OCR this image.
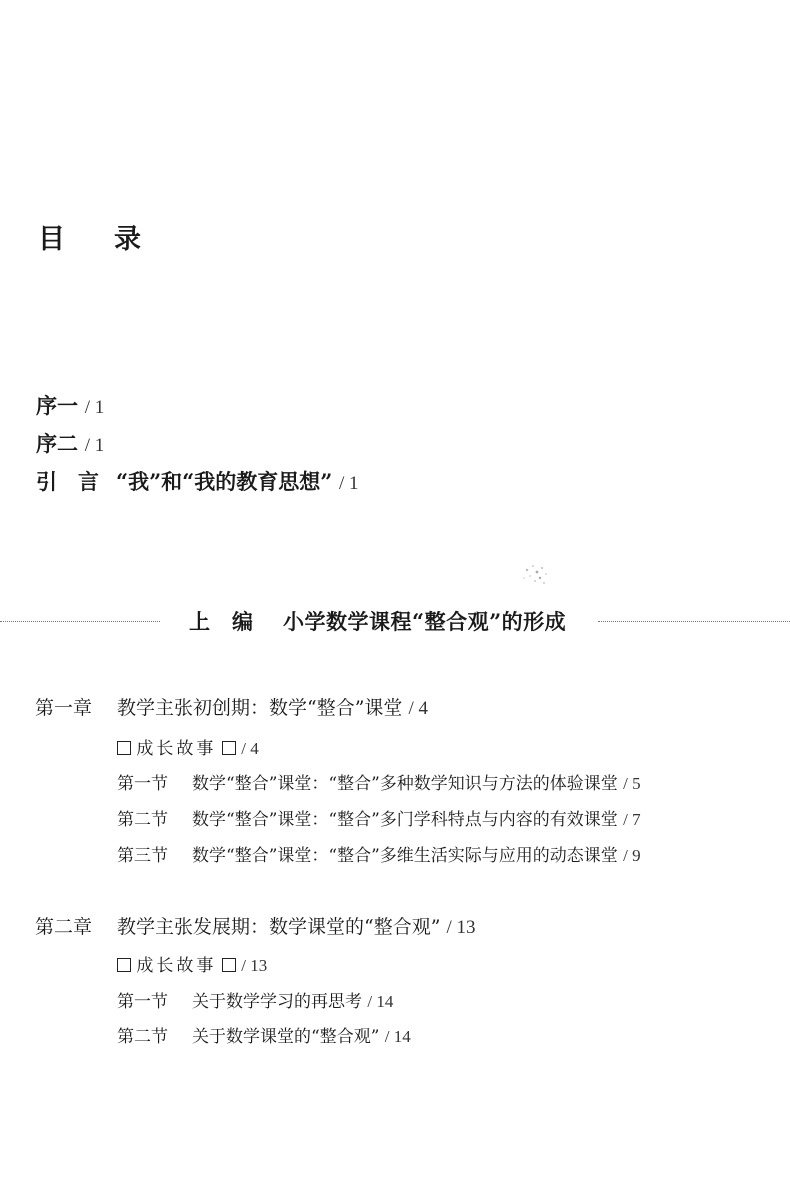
目 录
序一 / 1
序二 / 1
引　言 “我”和“我的教育思想” / 1
上　编 小学数学课程“整合观”的形成
第一章 教学主张初创期：数学“整合”课堂 / 4
成长故事 / 4
第一节 数学“整合”课堂：“整合”多种数学知识与方法的体验课堂 / 5
第二节 数学“整合”课堂：“整合”多门学科特点与内容的有效课堂 / 7
第三节 数学“整合”课堂：“整合”多维生活实际与应用的动态课堂 / 9
第二章 教学主张发展期：数学课堂的“整合观” / 13
成长故事 / 13
第一节 关于数学学习的再思考 / 14
第二节 关于数学课堂的“整合观” / 14
